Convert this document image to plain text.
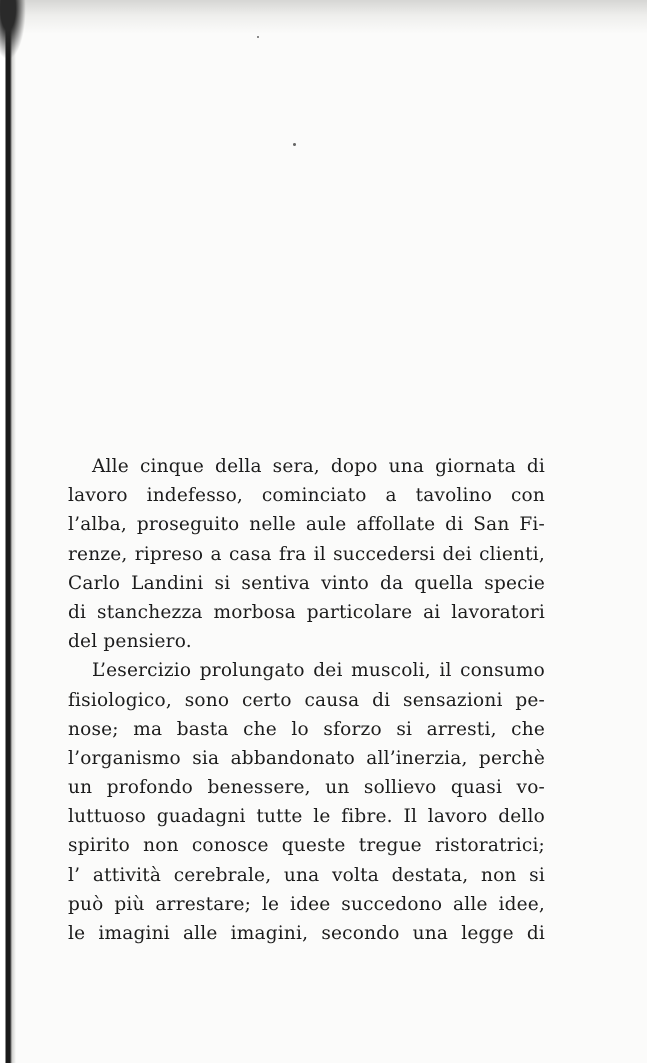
Alle cinque della sera, dopo una giornata di
lavoro indefesso, cominciato a tavolino con
l’alba, proseguito nelle aule affollate di San Fi-
renze, ripreso a casa fra il succedersi dei clienti,
Carlo Landini si sentiva vinto da quella specie
di stanchezza morbosa particolare ai lavoratori
del pensiero.
L’esercizio prolungato dei muscoli, il consumo
fisiologico, sono certo causa di sensazioni pe-
nose; ma basta che lo sforzo si arresti, che
l’organismo sia abbandonato all’inerzia, perchè
un profondo benessere, un sollievo quasi vo-
luttuoso guadagni tutte le fibre. Il lavoro dello
spirito non conosce queste tregue ristoratrici;
l’ attività cerebrale, una volta destata, non si
può più arrestare; le idee succedono alle idee,
le imagini alle imagini, secondo una legge di
